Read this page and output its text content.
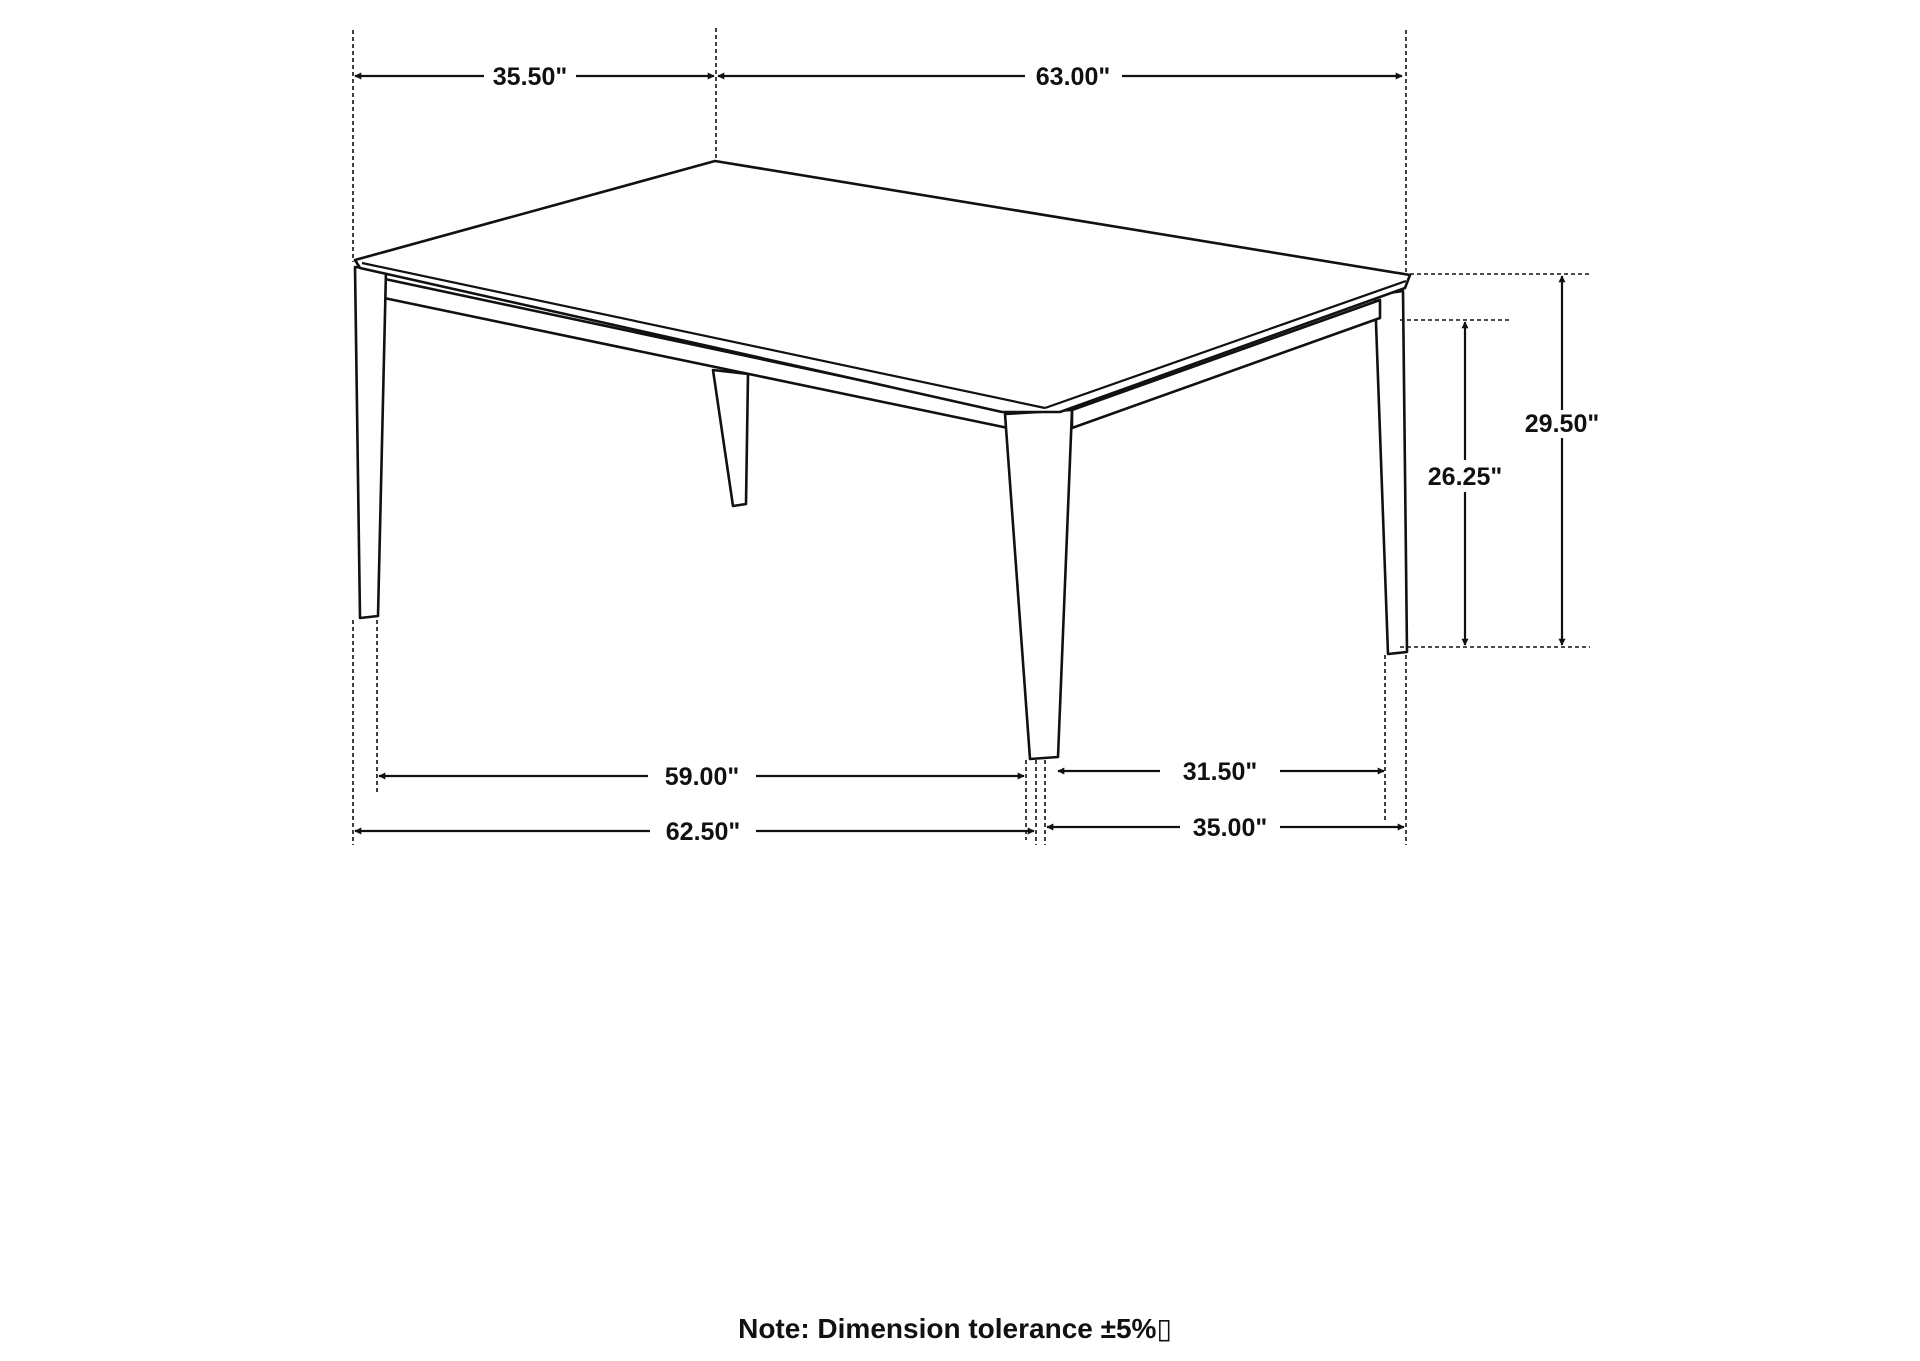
35.50"	63.00"
29.50"
26.25"
59.00"	31.50"
62.50"	35.00"
Note: Dimension tolerance ±5%▯
